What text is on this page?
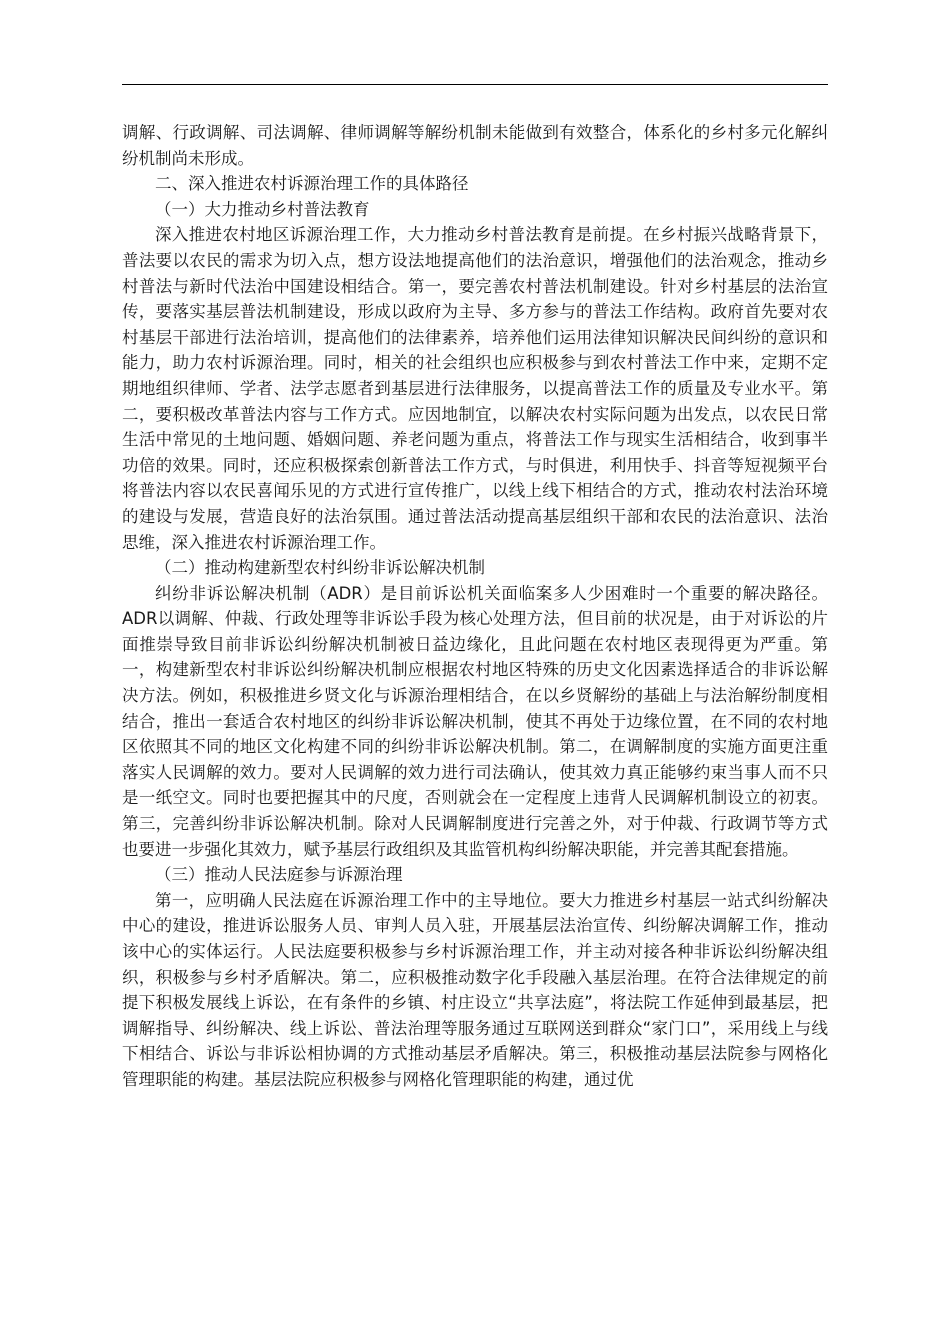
调解、行政调解、司法调解、律师调解等解纷机制未能做到有效整合，体系化的乡村多元化解纠纷机制尚未形成。

二、深入推进农村诉源治理工作的具体路径

（一）大力推动乡村普法教育

深入推进农村地区诉源治理工作，大力推动乡村普法教育是前提。在乡村振兴战略背景下，普法要以农民的需求为切入点，想方设法地提高他们的法治意识，增强他们的法治观念，推动乡村普法与新时代法治中国建设相结合。第一，要完善农村普法机制建设。针对乡村基层的法治宣传，要落实基层普法机制建设，形成以政府为主导、多方参与的普法工作结构。政府首先要对农村基层干部进行法治培训，提高他们的法律素养，培养他们运用法律知识解决民间纠纷的意识和能力，助力农村诉源治理。同时，相关的社会组织也应积极参与到农村普法工作中来，定期不定期地组织律师、学者、法学志愿者到基层进行法律服务，以提高普法工作的质量及专业水平。第二，要积极改革普法内容与工作方式。应因地制宜，以解决农村实际问题为出发点，以农民日常生活中常见的土地问题、婚姻问题、养老问题为重点，将普法工作与现实生活相结合，收到事半功倍的效果。同时，还应积极探索创新普法工作方式，与时俱进，利用快手、抖音等短视频平台将普法内容以农民喜闻乐见的方式进行宣传推广，以线上线下相结合的方式，推动农村法治环境的建设与发展，营造良好的法治氛围。通过普法活动提高基层组织干部和农民的法治意识、法治思维，深入推进农村诉源治理工作。

（二）推动构建新型农村纠纷非诉讼解决机制

纠纷非诉讼解决机制（ADR）是目前诉讼机关面临案多人少困难时一个重要的解决路径。ADR以调解、仲裁、行政处理等非诉讼手段为核心处理方法，但目前的状况是，由于对诉讼的片面推崇导致目前非诉讼纠纷解决机制被日益边缘化，且此问题在农村地区表现得更为严重。第一，构建新型农村非诉讼纠纷解决机制应根据农村地区特殊的历史文化因素选择适合的非诉讼解决方法。例如，积极推进乡贤文化与诉源治理相结合，在以乡贤解纷的基础上与法治解纷制度相结合，推出一套适合农村地区的纠纷非诉讼解决机制，使其不再处于边缘位置，在不同的农村地区依照其不同的地区文化构建不同的纠纷非诉讼解决机制。第二，在调解制度的实施方面更注重落实人民调解的效力。要对人民调解的效力进行司法确认，使其效力真正能够约束当事人而不只是一纸空文。同时也要把握其中的尺度，否则就会在一定程度上违背人民调解机制设立的初衷。第三，完善纠纷非诉讼解决机制。除对人民调解制度进行完善之外，对于仲裁、行政调节等方式也要进一步强化其效力，赋予基层行政组织及其监管机构纠纷解决职能，并完善其配套措施。

（三）推动人民法庭参与诉源治理

第一，应明确人民法庭在诉源治理工作中的主导地位。要大力推进乡村基层一站式纠纷解决中心的建设，推进诉讼服务人员、审判人员入驻，开展基层法治宣传、纠纷解决调解工作，推动该中心的实体运行。人民法庭要积极参与乡村诉源治理工作，并主动对接各种非诉讼纠纷解决组织，积极参与乡村矛盾解决。第二，应积极推动数字化手段融入基层治理。在符合法律规定的前提下积极发展线上诉讼，在有条件的乡镇、村庄设立“共享法庭”，将法院工作延伸到最基层，把调解指导、纠纷解决、线上诉讼、普法治理等服务通过互联网送到群众“家门口”，采用线上与线下相结合、诉讼与非诉讼相协调的方式推动基层矛盾解决。第三，积极推动基层法院参与网格化管理职能的构建。基层法院应积极参与网格化管理职能的构建，通过优
